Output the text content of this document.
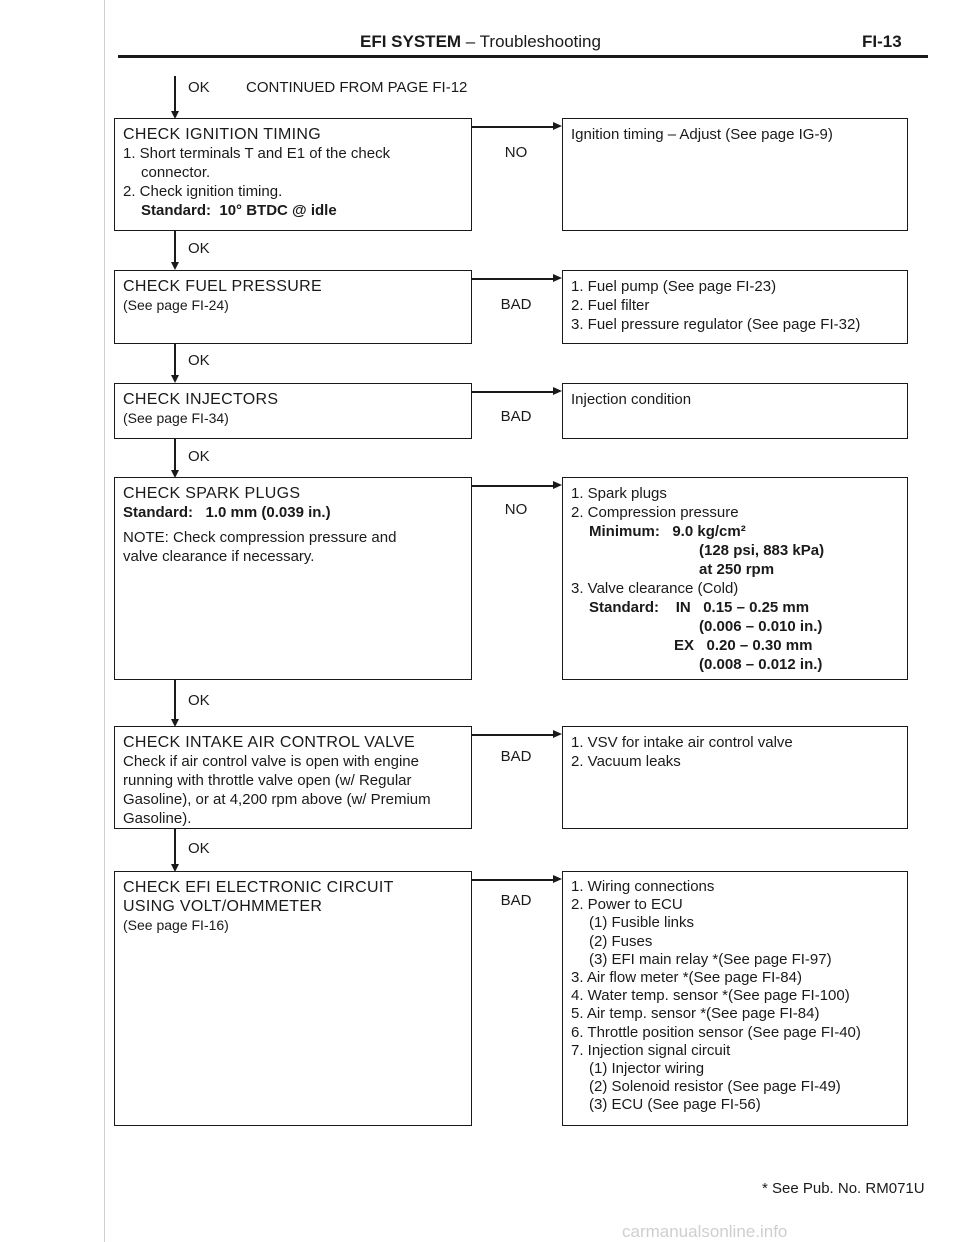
EFI SYSTEM – Troubleshooting	FI-13
OK CONTINUED FROM PAGE FI-12
CHECK IGNITION TIMING
1. Short terminals T and E1 of the check
connector.
2. Check ignition timing.
Standard: 10° BTDC @ idle
NO
Ignition timing – Adjust (See page IG-9)
OK
CHECK FUEL PRESSURE
(See page FI-24)	BAD
1. Fuel pump (See page FI-23)
2. Fuel filter
3. Fuel pressure regulator (See page FI-32)
OK
CHECK INJECTORS
(See page FI-34)	BAD
Injection condition
OK
CHECK SPARK PLUGS
Standard: 1.0 mm (0.039 in.)
NOTE: Check compression pressure and
valve clearance if necessary.
NO
1. Spark plugs
2. Compression pressure
Minimum: 9.0 kg/cm²
(128 psi, 883 kPa)
at 250 rpm
3. Valve clearance (Cold)
Standard: IN 0.15 – 0.25 mm
(0.006 – 0.010 in.)
EX 0.20 – 0.30 mm
(0.008 – 0.012 in.)
OK
CHECK INTAKE AIR CONTROL VALVE
Check if air control valve is open with engine
running with throttle valve open (w/ Regular
Gasoline), or at 4,200 rpm above (w/ Premium
Gasoline).
BAD
1. VSV for intake air control valve
2. Vacuum leaks
OK
CHECK EFI ELECTRONIC CIRCUIT
USING VOLT/OHMMETER
(See page FI-16)
BAD
1. Wiring connections
2. Power to ECU
(1) Fusible links
(2) Fuses
(3) EFI main relay *(See page FI-97)
3. Air flow meter *(See page FI-84)
4. Water temp. sensor *(See page FI-100)
5. Air temp. sensor *(See page FI-84)
6. Throttle position sensor (See page FI-40)
7. Injection signal circuit
(1) Injector wiring
(2) Solenoid resistor (See page FI-49)
(3) ECU (See page FI-56)
* See Pub. No. RM071U
carmanualsonline.info
